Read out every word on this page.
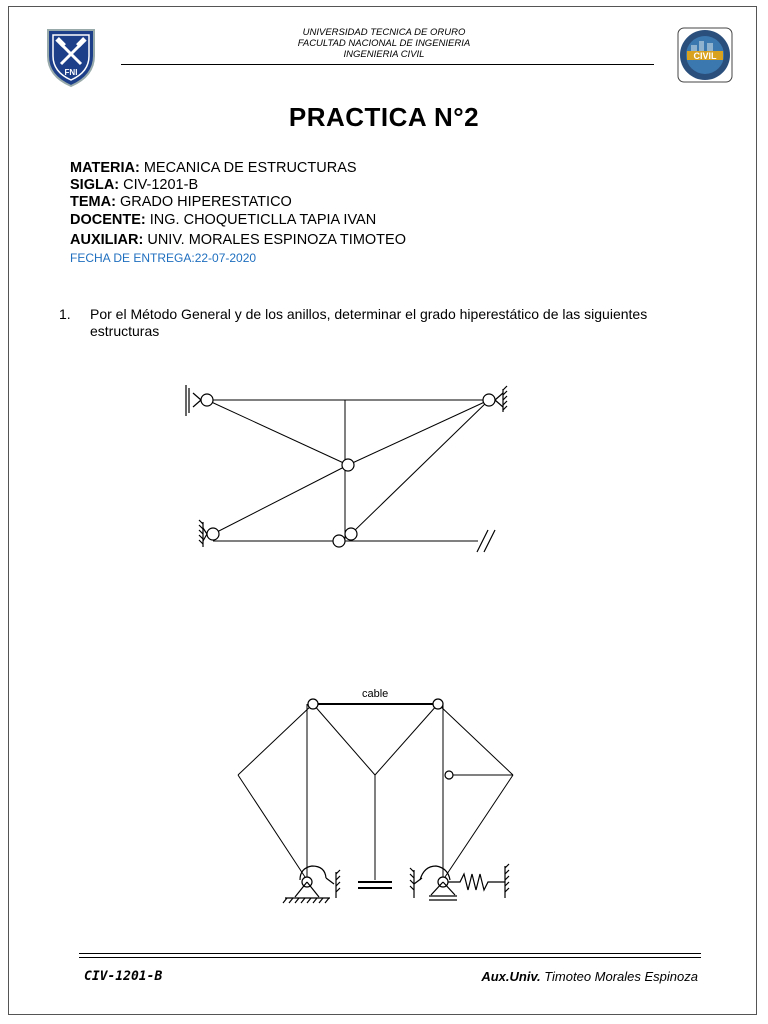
FNI
UNIVERSIDAD TECNICA DE ORURO
FACULTAD NACIONAL DE INGENIERIA
INGENIERIA CIVIL	CIVIL
PRACTICA N°2
MATERIA: MECANICA DE ESTRUCTURAS
SIGLA: CIV-1201-B
TEMA: GRADO HIPERESTATICO
DOCENTE: ING. CHOQUETICLLA TAPIA IVAN
AUXILIAR: UNIV. MORALES ESPINOZA TIMOTEO
FECHA DE ENTREGA:22-07-2020
1. Por el Método General y de los anillos, determinar el grado hiperestático de las siguientes estructuras
cable
CIV-1201-B	Aux.Univ. Timoteo Morales Espinoza
